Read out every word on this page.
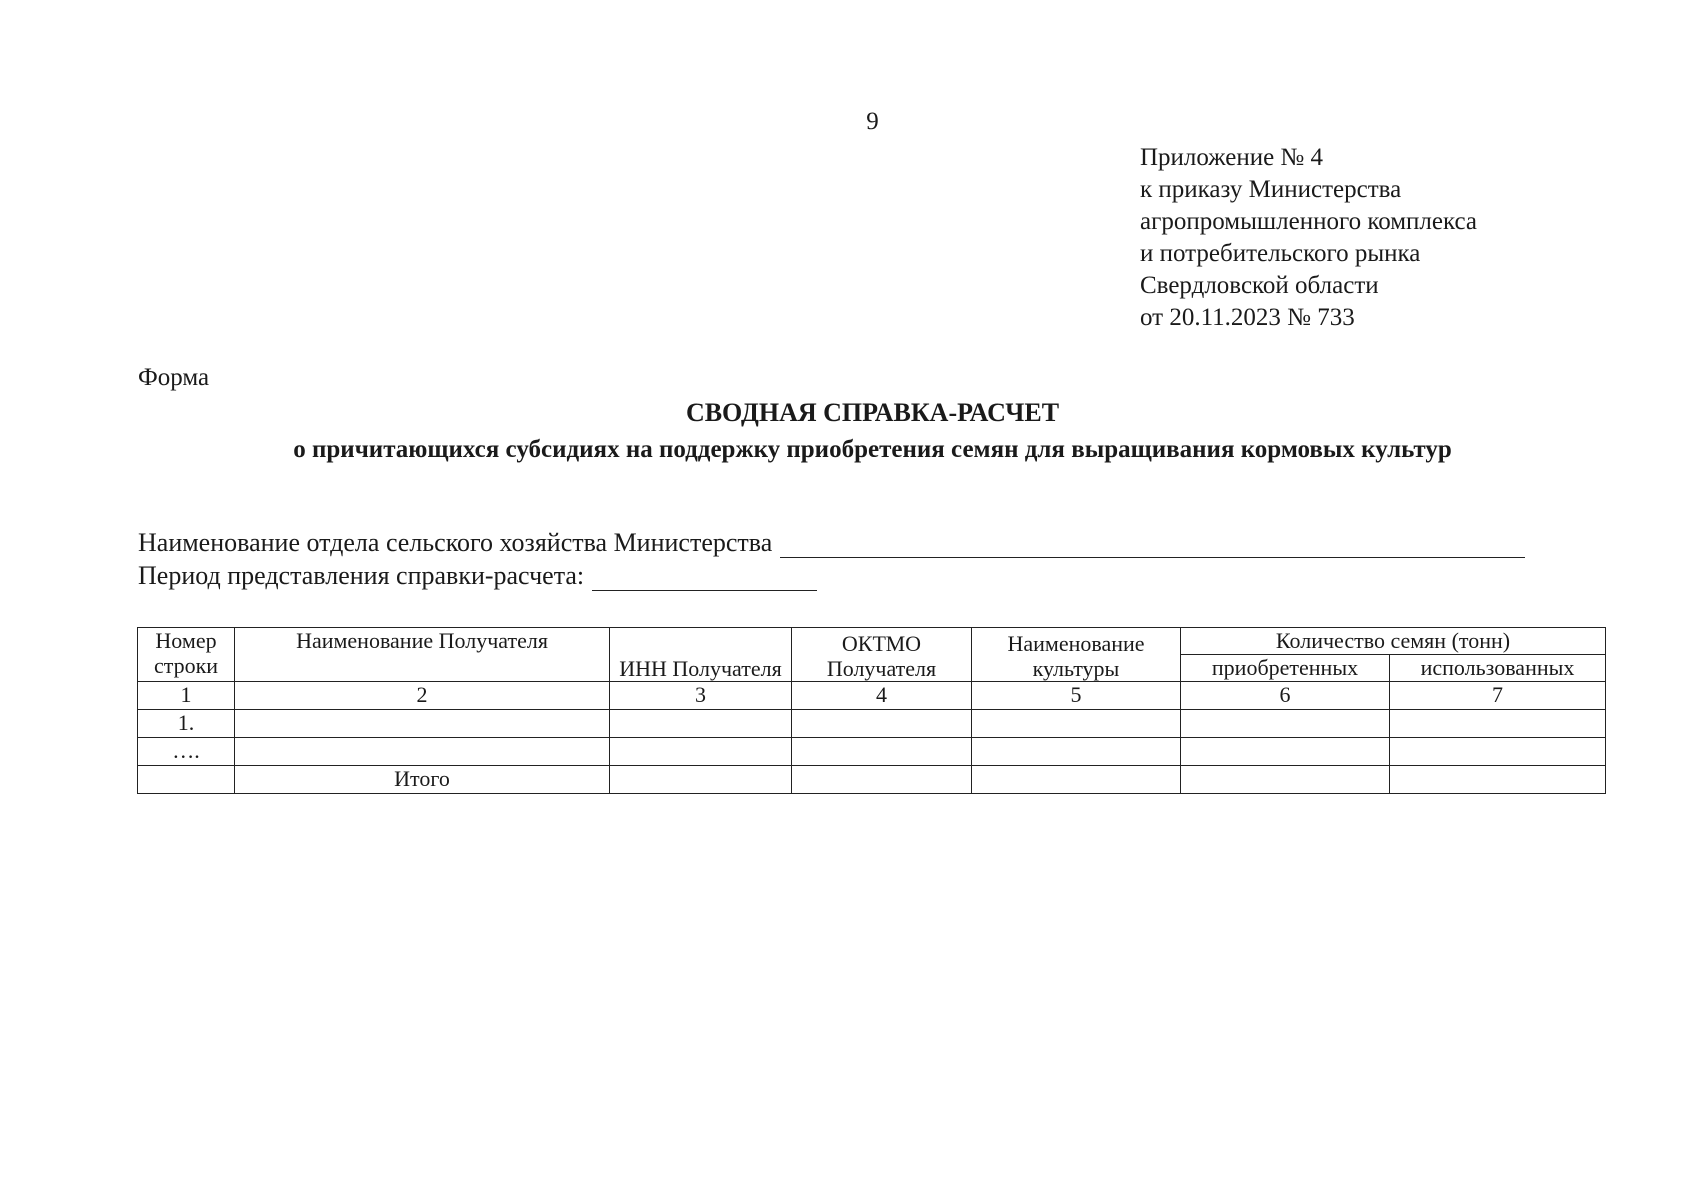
9
Приложение № 4
к приказу Министерства
агропромышленного комплекса
и потребительского рынка
Свердловской области
от 20.11.2023 № 733
Форма
СВОДНАЯ СПРАВКА-РАСЧЕТ
о причитающихся субсидиях на поддержку приобретения семян для выращивания кормовых культур
Наименование отдела сельского хозяйства Министерства
Период представления справки-расчета:
Номер строки	Наименование Получателя	ИНН Получателя	ОКТМО Получателя	Наименование культуры	Количество семян (тонн)	
					приобретенных	использованных
1	2	3	4	5	6	7
1.						
….						
	Итого					
